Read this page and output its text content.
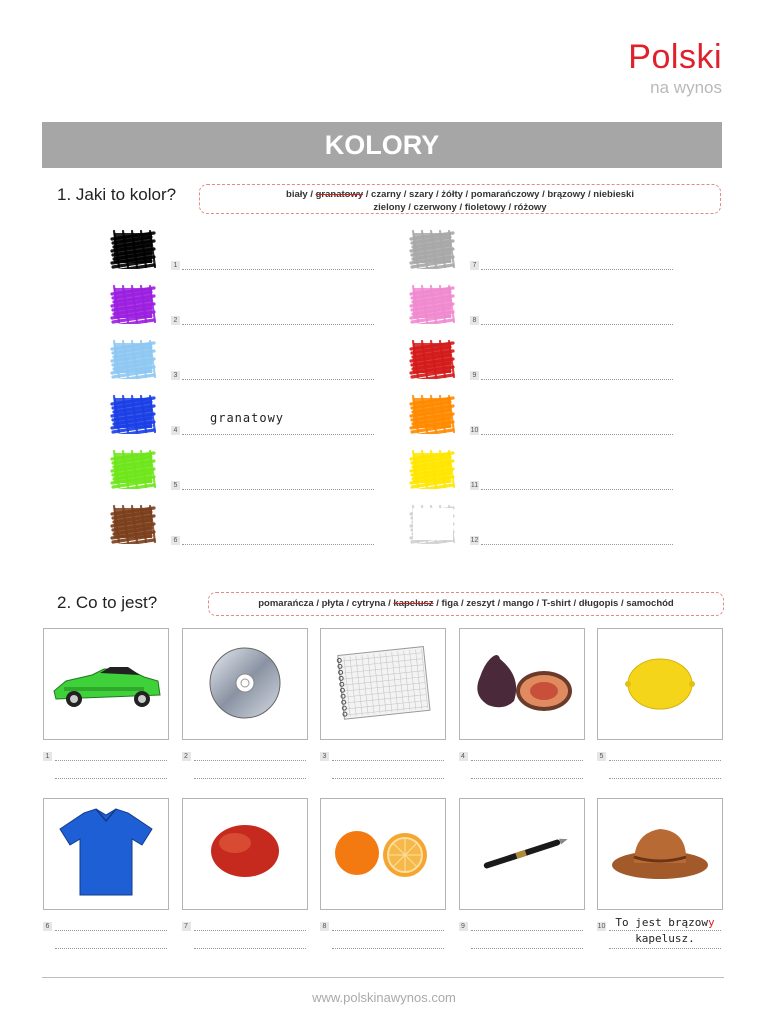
Polski
na wynos
KOLORY
1. Jaki to kolor?	biały / granatowy / czarny / szary / żółty / pomarańczowy / brązowy / niebieski
zielony / czerwony / fioletowy / różowy
1
2
3
4
granatowy
5
6
7
8
9
10
11
12
2. Co to jest?	pomarańcza / płyta / cytryna / kapelusz / figa / zeszyt / mango / T-shirt / długopis / samochód
1	2	3	4	5
6	7	8	9	10 To jest brązowy
kapelusz.
www.polskinawynos.com
